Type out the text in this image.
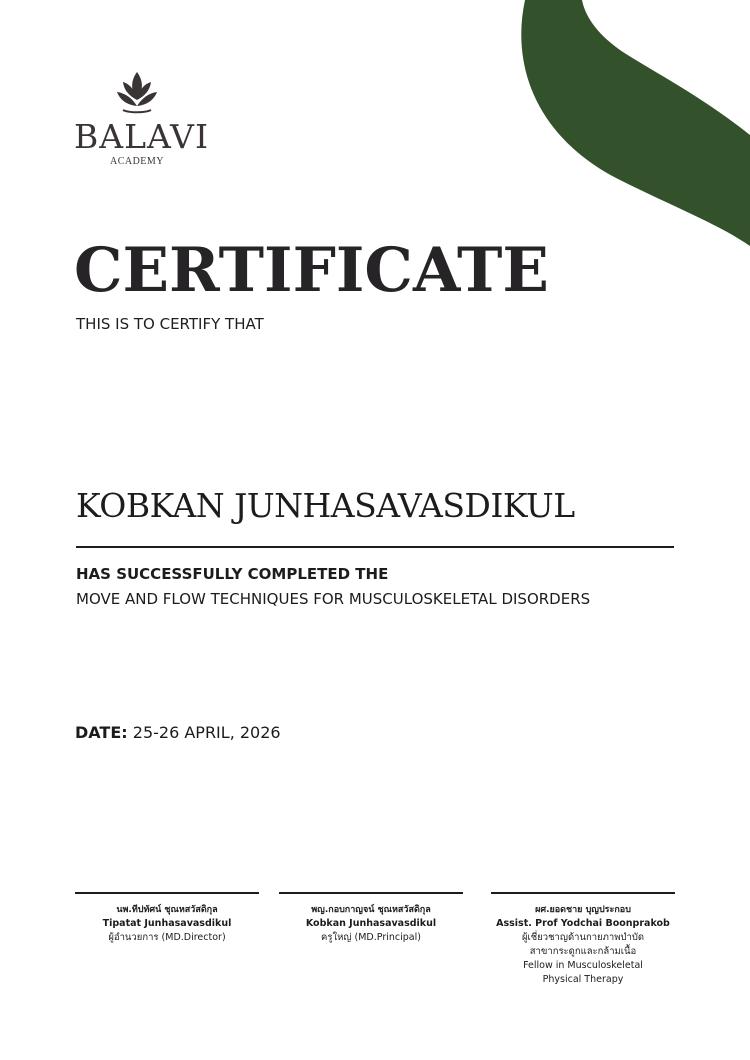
BALAVI
ACADEMY
CERTIFICATE
THIS IS TO CERTIFY THAT
KOBKAN JUNHASAVASDIKUL
HAS SUCCESSFULLY COMPLETED THE
MOVE AND FLOW TECHNIQUES FOR MUSCULOSKELETAL DISORDERS
DATE: 25-26 APRIL, 2026
นพ.ทีปทัศน์ ชุณหสวัสดิกุล
Tipatat Junhasavasdikul
ผู้อำนวยการ (MD.Director)
พญ.กอบกาญจน์ ชุณหสวัสดิกุล
Kobkan Junhasavasdikul
ครูใหญ่ (MD.Principal)
ผศ.ยอดชาย บุญประกอบ
Assist. Prof Yodchai Boonprakob
ผู้เชี่ยวชาญด้านกายภาพบำบัด
สาขากระดูกและกล้ามเนื้อ
Fellow in Musculoskeletal
Physical Therapy
